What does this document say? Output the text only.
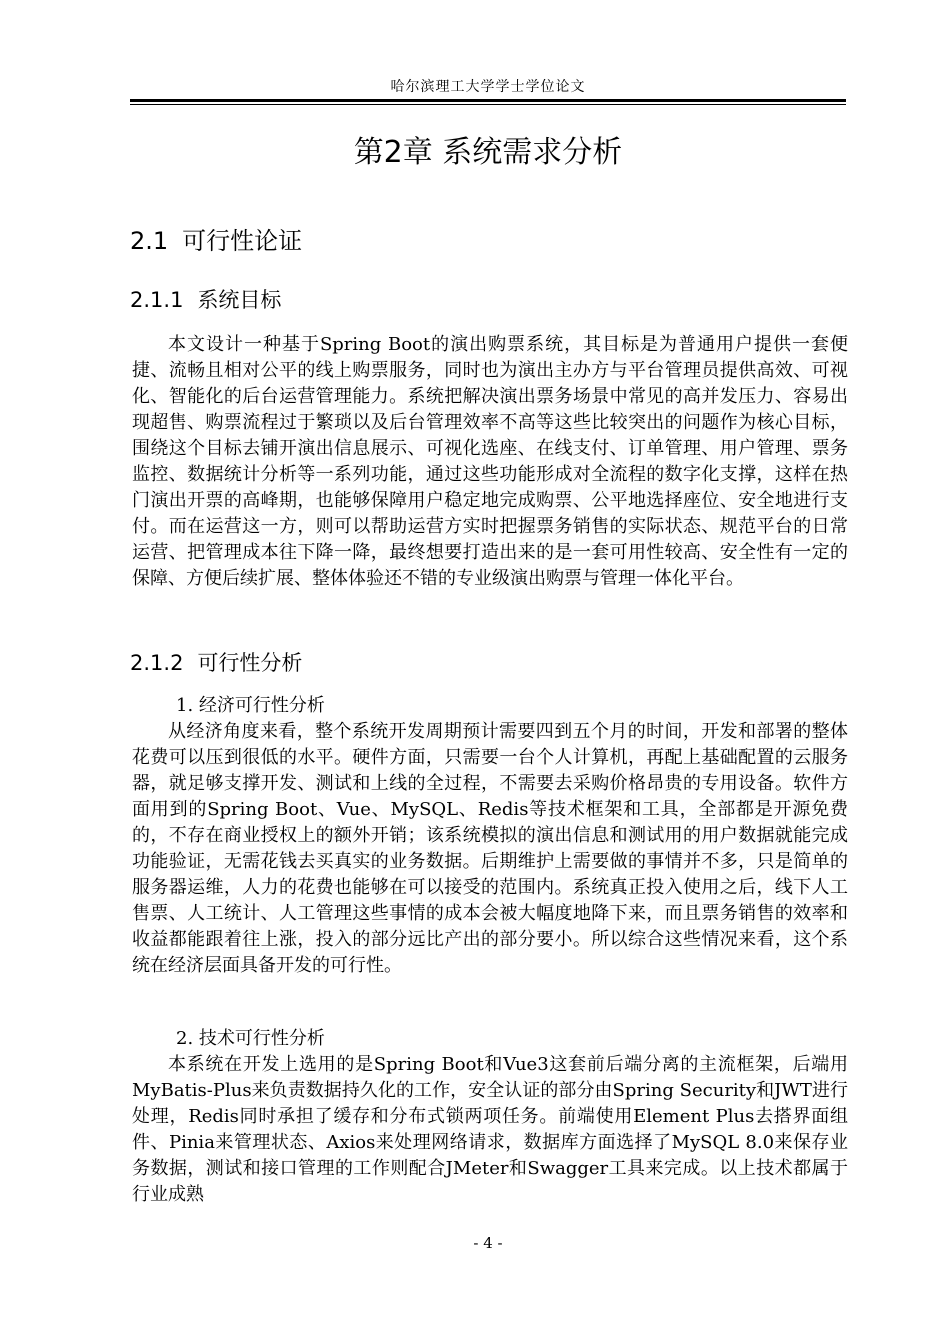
哈尔滨理工大学学士学位论文
第2章 系统需求分析
2.1 可行性论证
2.1.1 系统目标

本文设计一种基于Spring Boot的演出购票系统，其目标是为普通用户提供一套便捷、流畅且相对公平的线上购票服务，同时也为演出主办方与平台管理员提供高效、可视化、智能化的后台运营管理能力。系统把解决演出票务场景中常见的高并发压力、容易出现超售、购票流程过于繁琐以及后台管理效率不高等这些比较突出的问题作为核心目标，围绕这个目标去铺开演出信息展示、可视化选座、在线支付、订单管理、用户管理、票务监控、数据统计分析等一系列功能，通过这些功能形成对全流程的数字化支撑，这样在热门演出开票的高峰期，也能够保障用户稳定地完成购票、公平地选择座位、安全地进行支付。而在运营这一方，则可以帮助运营方实时把握票务销售的实际状态、规范平台的日常运营、把管理成本往下降一降，最终想要打造出来的是一套可用性较高、安全性有一定的保障、方便后续扩展、整体体验还不错的专业级演出购票与管理一体化平台。

2.1.2 可行性分析

1. 经济可行性分析

从经济角度来看，整个系统开发周期预计需要四到五个月的时间，开发和部署的整体花费可以压到很低的水平。硬件方面，只需要一台个人计算机，再配上基础配置的云服务器，就足够支撑开发、测试和上线的全过程，不需要去采购价格昂贵的专用设备。软件方面用到的Spring Boot、Vue、MySQL、Redis等技术框架和工具，全部都是开源免费的，不存在商业授权上的额外开销；该系统模拟的演出信息和测试用的用户数据就能完成功能验证，无需花钱去买真实的业务数据。后期维护上需要做的事情并不多，只是简单的服务器运维，人力的花费也能够在可以接受的范围内。系统真正投入使用之后，线下人工售票、人工统计、人工管理这些事情的成本会被大幅度地降下来，而且票务销售的效率和收益都能跟着往上涨，投入的部分远比产出的部分要小。所以综合这些情况来看，这个系统在经济层面具备开发的可行性。

2. 技术可行性分析

本系统在开发上选用的是Spring Boot和Vue3这套前后端分离的主流框架，后端用MyBatis-Plus来负责数据持久化的工作，安全认证的部分由Spring Security和JWT进行处理，Redis同时承担了缓存和分布式锁两项任务。前端使用Element Plus去搭界面组件、Pinia来管理状态、Axios来处理网络请求，数据库方面选择了MySQL 8.0来保存业务数据，测试和接口管理的工作则配合JMeter和Swagger工具来完成。以上技术都属于行业成熟

- 4 -
